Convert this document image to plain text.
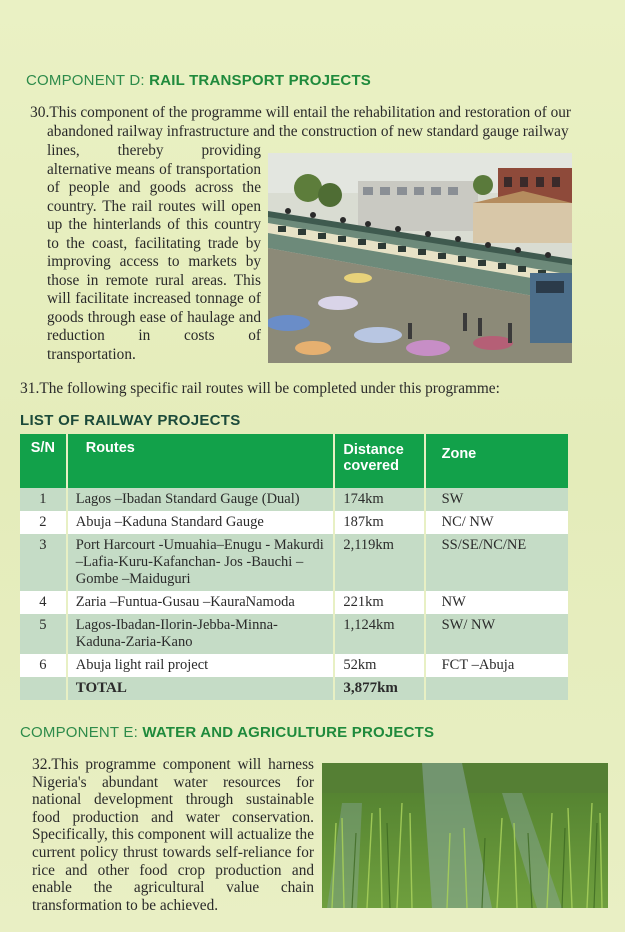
COMPONENT D: RAIL TRANSPORT PROJECTS
30.This component of the programme will entail the rehabilitation and restoration of our
abandoned railway infrastructure and the construction of new standard gauge railway
lines, thereby providing alternative means of transportation of people and goods across the country. The rail routes will open up the hinterlands of this country to the coast, facilitating trade by improving access to markets by those in remote rural areas. This will facilitate increased tonnage of goods through ease of haulage and reduction in costs of transportation.
31.The following specific rail routes will be completed under this programme:
LIST OF RAILWAY PROJECTS
S/N	Routes	Distance covered	Zone
1	Lagos –Ibadan Standard Gauge (Dual)	174km	SW
2	Abuja –Kaduna Standard Gauge	187km	NC/ NW
3	Port Harcourt -Umuahia–Enugu - Makurdi –Lafia-Kuru-Kafanchan- Jos -Bauchi –Gombe –Maiduguri	2,119km	SS/SE/NC/NE
4	Zaria –Funtua-Gusau –KauraNamoda	221km	NW
5	Lagos-Ibadan-Ilorin-Jebba-Minna- Kaduna-Zaria-Kano	1,124km	SW/ NW
6	Abuja light rail project	52km	FCT –Abuja
	TOTAL	3,877km	
COMPONENT E: WATER AND AGRICULTURE PROJECTS
32.This programme component will harness Nigeria's abundant water resources for national development through sustainable food production and water conservation. Specifically, this component will actualize the current policy thrust towards self-reliance for rice and other food crop production and enable the agricultural value chain transformation to be achieved.
